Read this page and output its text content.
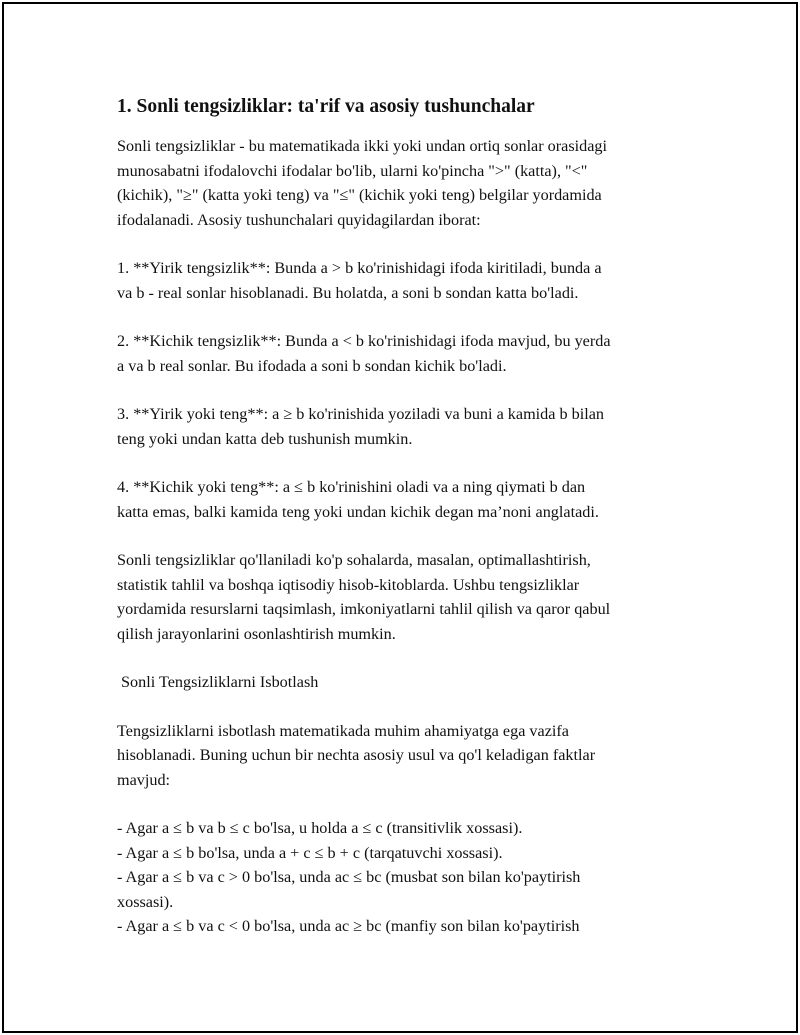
1. Sonli tengsizliklar: ta'rif va asosiy tushunchalar

Sonli tengsizliklar - bu matematikada ikki yoki undan ortiq sonlar orasidagi
munosabatni ifodalovchi ifodalar bo'lib, ularni ko'pincha ">" (katta), "<"
(kichik), "≥" (katta yoki teng) va "≤" (kichik yoki teng) belgilar yordamida
ifodalanadi. Asosiy tushunchalari quyidagilardan iborat:

1. **Yirik tengsizlik**: Bunda a > b ko'rinishidagi ifoda kiritiladi, bunda a
va b - real sonlar hisoblanadi. Bu holatda, a soni b sondan katta bo'ladi.

2. **Kichik tengsizlik**: Bunda a < b ko'rinishidagi ifoda mavjud, bu yerda
a va b real sonlar. Bu ifodada a soni b sondan kichik bo'ladi.

3. **Yirik yoki teng**: a ≥ b ko'rinishida yoziladi va buni a kamida b bilan
teng yoki undan katta deb tushunish mumkin.

4. **Kichik yoki teng**: a ≤ b ko'rinishini oladi va a ning qiymati b dan
katta emas, balki kamida teng yoki undan kichik degan ma’noni anglatadi.

Sonli tengsizliklar qo'llaniladi ko'p sohalarda, masalan, optimallashtirish,
statistik tahlil va boshqa iqtisodiy hisob-kitoblarda. Ushbu tengsizliklar
yordamida resurslarni taqsimlash, imkoniyatlarni tahlil qilish va qaror qabul
qilish jarayonlarini osonlashtirish mumkin.

Sonli Tengsizliklarni Isbotlash

Tengsizliklarni isbotlash matematikada muhim ahamiyatga ega vazifa
hisoblanadi. Buning uchun bir nechta asosiy usul va qo'l keladigan faktlar
mavjud:

- Agar a ≤ b va b ≤ c bo'lsa, u holda a ≤ c (transitivlik xossasi).
- Agar a ≤ b bo'lsa, unda a + c ≤ b + c (tarqatuvchi xossasi).
- Agar a ≤ b va c > 0 bo'lsa, unda ac ≤ bc (musbat son bilan ko'paytirish
xossasi).
- Agar a ≤ b va c < 0 bo'lsa, unda ac ≥ bc (manfiy son bilan ko'paytirish
